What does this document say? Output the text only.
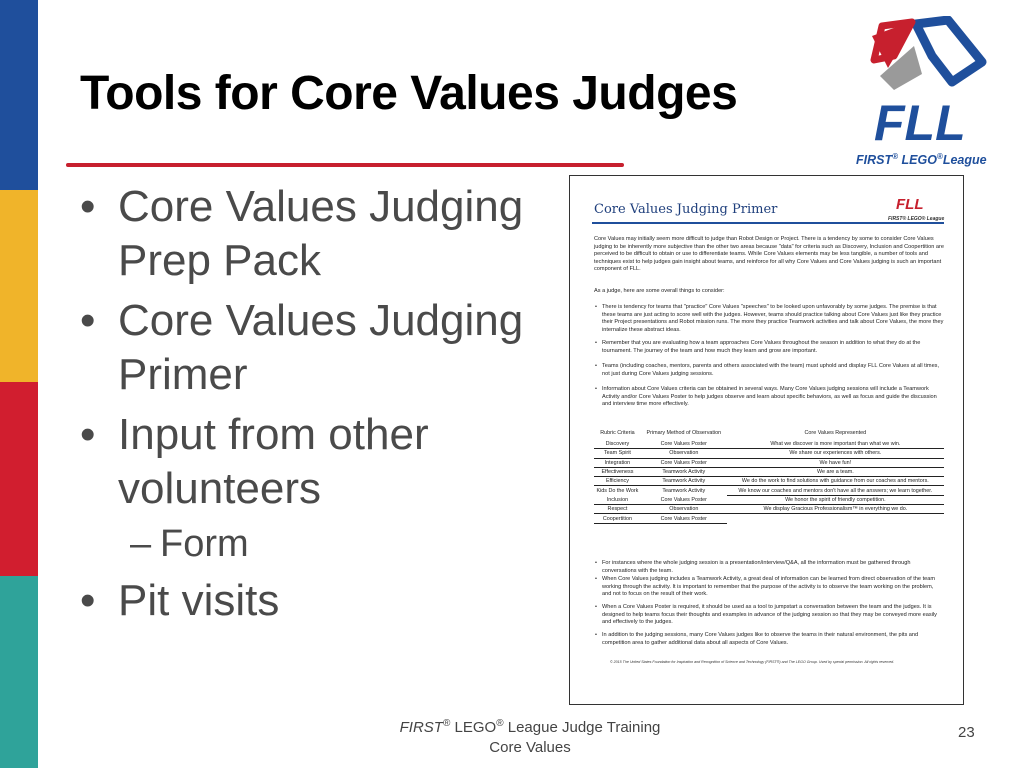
Tools for Core Values Judges
FLL
FIRST® LEGO®League
• Core Values Judging Prep Pack
• Core Values Judging Primer
• Input from other volunteers
– Form
• Pit visits
Core Values Judging Primer	FLL
FIRST® LEGO® League
Core Values may initially seem more difficult to judge than Robot Design or Project. There is a tendency by some to consider Core Values judging to be inherently more subjective than the other two areas because "data" for criteria such as Discovery, Inclusion and Coopertition are perceived to be difficult to obtain or use to differentiate teams. While Core Values elements may be less tangible, a number of tools and techniques exist to help judges gain insight about teams, and reinforce for all why Core Values and Core Values judging is such an important component of FLL.
As a judge, here are some overall things to consider:
• There is tendency for teams that "practice" Core Values "speeches" to be looked upon unfavorably by some judges. The premise is that these teams are just acting to score well with the judges. However, teams should practice talking about Core Values just like they practice their Project presentations and Robot mission runs. The more they practice Teamwork activities and talk about Core Values, the more they internalize these abstract ideas.
• Remember that you are evaluating how a team approaches Core Values throughout the season in addition to what they do at the tournament. The journey of the team and how much they learn and grow are important.
• Teams (including coaches, mentors, parents and others associated with the team) must uphold and display FLL Core Values at all times, not just during Core Values judging sessions.
• Information about Core Values criteria can be obtained in several ways. Many Core Values judging sessions will include a Teamwork Activity and/or Core Values Poster to help judges observe and learn about specific behaviors, as well as focus and guide the discussion and interview time more effectively.
Rubric Criteria	Primary Method of Observation	Core Values Represented
Discovery	Core Values Poster	What we discover is more important than what we win.
Team Spirit	Observation	We share our experiences with others.
Integration	Core Values Poster	We have fun!
Effectiveness	Teamwork Activity	We are a team.
Efficiency	Teamwork Activity	We do the work to find solutions with guidance from our coaches and mentors.
Kids Do the Work	Teamwork Activity	We know our coaches and mentors don't have all the answers; we learn together.
Inclusion	Core Values Poster	We honor the spirit of friendly competition.
Respect	Observation	We display Gracious Professionalism™ in everything we do.
Coopertition	Core Values Poster	
• For instances where the whole judging session is a presentation/interview/Q&A, all the information must be gathered through conversations with the team.
• When Core Values judging includes a Teamwork Activity, a great deal of information can be learned from direct observation of the team working through the activity. It is important to remember that the purpose of the activity is to observe the team working on the problem, and not to focus on the result of their work.
• When a Core Values Poster is required, it should be used as a tool to jumpstart a conversation between the team and the judges. It is designed to help teams focus their thoughts and examples in advance of the judging session so that they may be conveyed more easily and effectively to the judges.
• In addition to the judging sessions, many Core Values judges like to observe the teams in their natural environment, the pits and competition area to gather additional data about all aspects of Core Values.
© 2015 The United States Foundation for Inspiration and Recognition of Science and Technology (FIRST®) and The LEGO Group. Used by special permission. All rights reserved.
FIRST® LEGO® League Judge Training
Core Values
23
